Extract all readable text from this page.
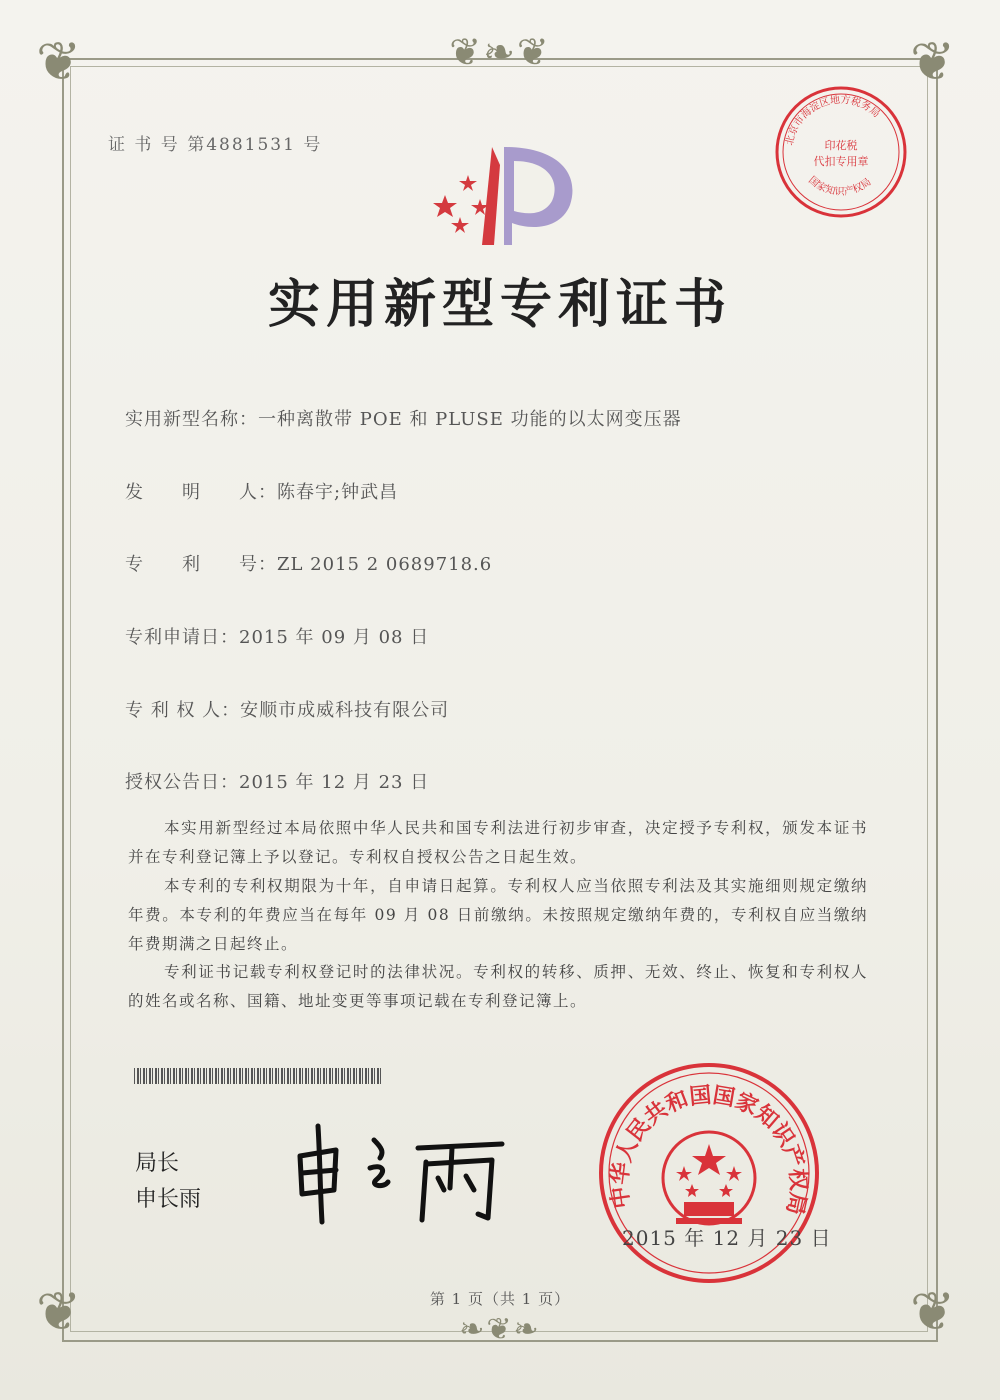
❦❧❦
❦	❦
❦	❦
❧❦❧
证 书 号 第4881531 号	北京市海淀区地方税务局
国家知识产权局
印花税
代扣专用章
实用新型专利证书
实用新型名称：一种离散带 POE 和 PLUSE 功能的以太网变压器
发　　明　　人：陈春宇;钟武昌
专　　利　　号：ZL 2015 2 0689718.6
专利申请日：2015 年 09 月 08 日
专 利 权 人：安顺市成威科技有限公司
授权公告日：2015 年 12 月 23 日
本实用新型经过本局依照中华人民共和国专利法进行初步审查，决定授予专利权，颁发本证书并在专利登记簿上予以登记。专利权自授权公告之日起生效。
本专利的专利权期限为十年，自申请日起算。专利权人应当依照专利法及其实施细则规定缴纳年费。本专利的年费应当在每年 09 月 08 日前缴纳。未按照规定缴纳年费的，专利权自应当缴纳年费期满之日起终止。
专利证书记载专利权登记时的法律状况。专利权的转移、质押、无效、终止、恢复和专利权人的姓名或名称、国籍、地址变更等事项记载在专利登记簿上。
局长
申长雨	中华人民共和国国家知识产权局
2015 年 12 月 23 日
第 1 页（共 1 页）
